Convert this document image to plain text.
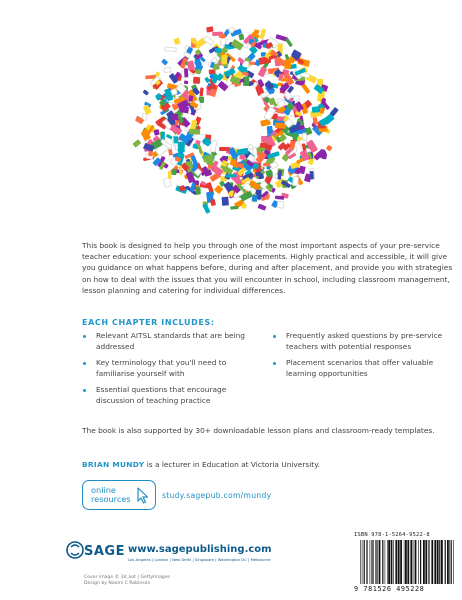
This book is designed to help you through one of the most important aspects of your pre-service teacher education: your school experience placements. Highly practical and accessible, it will give you guidance on what happens before, during and after placement, and provide you with strategies on how to deal with the issues that you will encounter in school, including classroom management, lesson planning and catering for individual differences.

EACH CHAPTER INCLUDES:

Relevant AITSL standards that are being addressed
Key terminology that you'll need to familiarise yourself with
Essential questions that encourage discussion of teaching practice
Frequently asked questions by pre-service teachers with potential responses
Placement scenarios that offer valuable learning opportunities

The book is also supported by 30+ downloadable lesson plans and classroom-ready templates.

BRIAN MUNDY is a lecturer in Education at Victoria University.

online
resources	study.sagepub.com/mundy
ISBN 978-1-5264-9522-8
9 781526 495228
SAGE www.sagepublishing.com
Los Angeles | London | New Delhi | Singapore | Washington DC | Melbourne
Cover image © 3d_kot | GettyImages
Design by Naomi C Robinson
